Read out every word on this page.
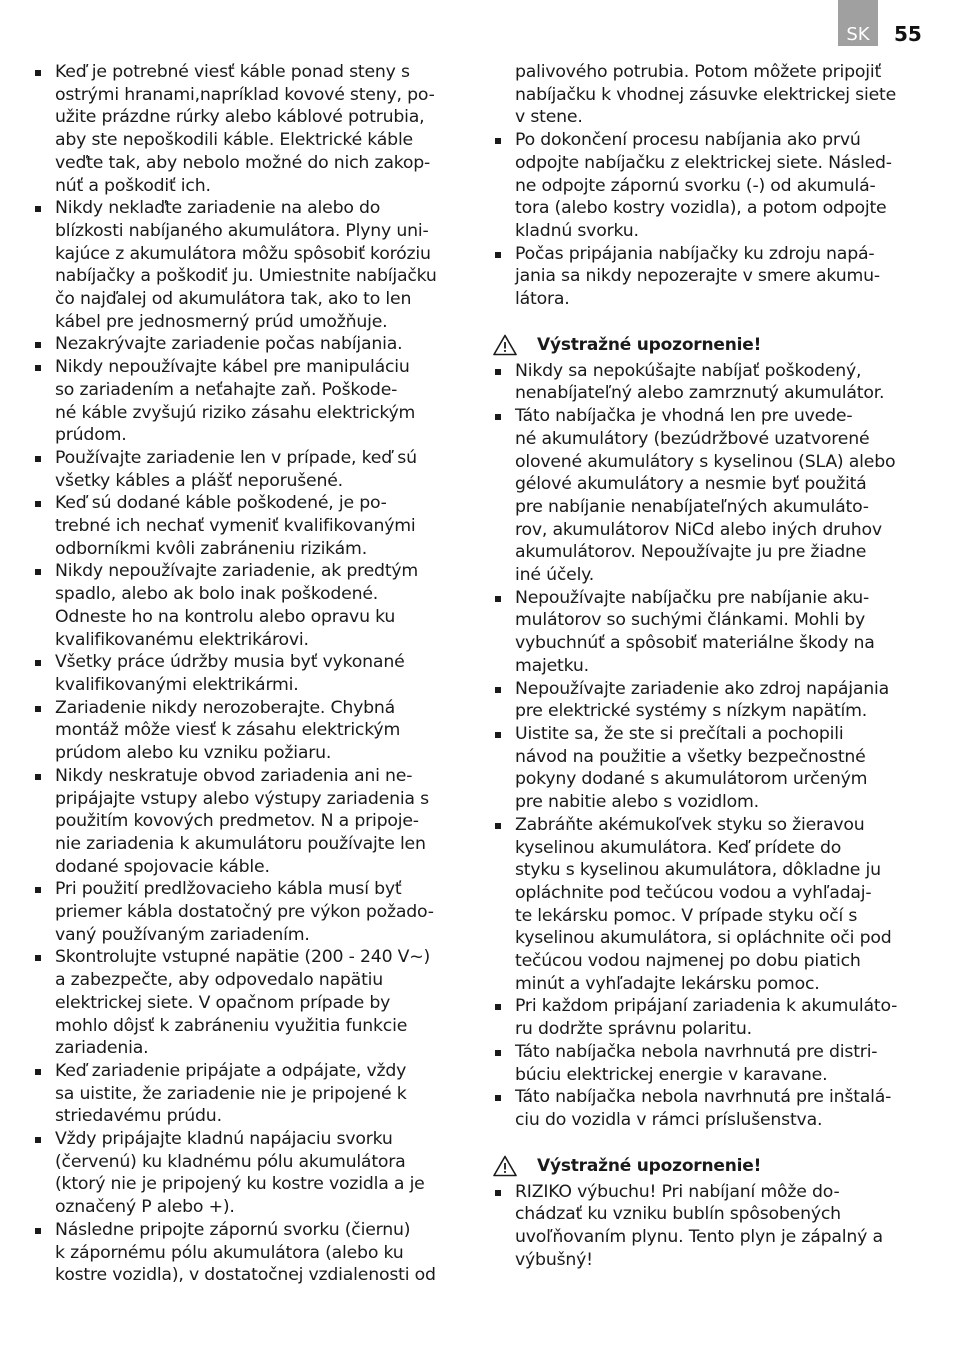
SK	55
Keď je potrebné viesť káble ponad steny s
ostrými hranami,napríklad kovové steny, po-
užite prázdne rúrky alebo káblové potrubia,
aby ste nepoškodili káble. Elektrické káble
veďte tak, aby nebolo možné do nich zakop-
núť a poškodiť ich.
Nikdy neklaďte zariadenie na alebo do
blízkosti nabíjaného akumulátora. Plyny uni-
kajúce z akumulátora môžu spôsobiť koróziu
nabíjačky a poškodiť ju. Umiestnite nabíjačku
čo najďalej od akumulátora tak, ako to len
kábel pre jednosmerný prúd umožňuje.
Nezakrývajte zariadenie počas nabíjania.
Nikdy nepoužívajte kábel pre manipuláciu
so zariadením a neťahajte zaň. Poškode-
né káble zvyšujú riziko zásahu elektrickým
prúdom.
Používajte zariadenie len v prípade, keď sú
všetky kábles a plášť neporušené.
Keď sú dodané káble poškodené, je po-
trebné ich nechať vymeniť kvalifikovanými
odborníkmi kvôli zabráneniu rizikám.
Nikdy nepoužívajte zariadenie, ak predtým
spadlo, alebo ak bolo inak poškodené.
Odneste ho na kontrolu alebo opravu ku
kvalifikovanému elektrikárovi.
Všetky práce údržby musia byť vykonané
kvalifikovanými elektrikármi.
Zariadenie nikdy nerozoberajte. Chybná
montáž môže viesť k zásahu elektrickým
prúdom alebo ku vzniku požiaru.
Nikdy neskratuje obvod zariadenia ani ne-
pripájajte vstupy alebo výstupy zariadenia s
použitím kovových predmetov. N a pripoje-
nie zariadenia k akumulátoru používajte len
dodané spojovacie káble.
Pri použití predlžovacieho kábla musí byť
priemer kábla dostatočný pre výkon požado-
vaný používaným zariadením.
Skontrolujte vstupné napätie (200 - 240 V~)
a zabezpečte, aby odpovedalo napätiu
elektrickej siete. V opačnom prípade by
mohlo dôjsť k zabráneniu využitia funkcie
zariadenia.
Keď zariadenie pripájate a odpájate, vždy
sa uistite, že zariadenie nie je pripojené k
striedavému prúdu.
Vždy pripájajte kladnú napájaciu svorku
(červenú) ku kladnému pólu akumulátora
(ktorý nie je pripojený ku kostre vozidla a je
označený P alebo +).
Následne pripojte zápornú svorku (čiernu)
k zápornému pólu akumulátora (alebo ku
kostre vozidla), v dostatočnej vzdialenosti od
palivového potrubia. Potom môžete pripojiť
nabíjačku k vhodnej zásuvke elektrickej siete
v stene.
Po dokončení procesu nabíjania ako prvú
odpojte nabíjačku z elektrickej siete. Násled-
ne odpojte zápornú svorku (-) od akumulá-
tora (alebo kostry vozidla), a potom odpojte
kladnú svorku.
Počas pripájania nabíjačky ku zdroju napá-
jania sa nikdy nepozerajte v smere akumu-
látora.
Výstražné upozornenie!
Nikdy sa nepokúšajte nabíjať poškodený,
nenabíjateľný alebo zamrznutý akumulátor.
Táto nabíjačka je vhodná len pre uvede-
né akumulátory (bezúdržbové uzatvorené
olovené akumulátory s kyselinou (SLA) alebo
gélové akumulátory a nesmie byť použitá
pre nabíjanie nenabíjateľných akumuláto-
rov, akumulátorov NiCd alebo iných druhov
akumulátorov. Nepoužívajte ju pre žiadne
iné účely.
Nepoužívajte nabíjačku pre nabíjanie aku-
mulátorov so suchými článkami. Mohli by
vybuchnúť a spôsobiť materiálne škody na
majetku.
Nepoužívajte zariadenie ako zdroj napájania
pre elektrické systémy s nízkym napätím.
Uistite sa, že ste si prečítali a pochopili
návod na použitie a všetky bezpečnostné
pokyny dodané s akumulátorom určeným
pre nabitie alebo s vozidlom.
Zabráňte akémukoľvek styku so žieravou
kyselinou akumulátora. Keď prídete do
styku s kyselinou akumulátora, dôkladne ju
opláchnite pod tečúcou vodou a vyhľadaj-
te lekársku pomoc. V prípade styku očí s
kyselinou akumulátora, si opláchnite oči pod
tečúcou vodou najmenej po dobu piatich
minút a vyhľadajte lekársku pomoc.
Pri každom pripájaní zariadenia k akumuláto-
ru dodržte správnu polaritu.
Táto nabíjačka nebola navrhnutá pre distri-
búciu elektrickej energie v karavane.
Táto nabíjačka nebola navrhnutá pre inštalá-
ciu do vozidla v rámci príslušenstva.
Výstražné upozornenie!
RIZIKO výbuchu! Pri nabíjaní môže do-
chádzať ku vzniku bublín spôsobených
uvoľňovaním plynu. Tento plyn je zápalný a
výbušný!
